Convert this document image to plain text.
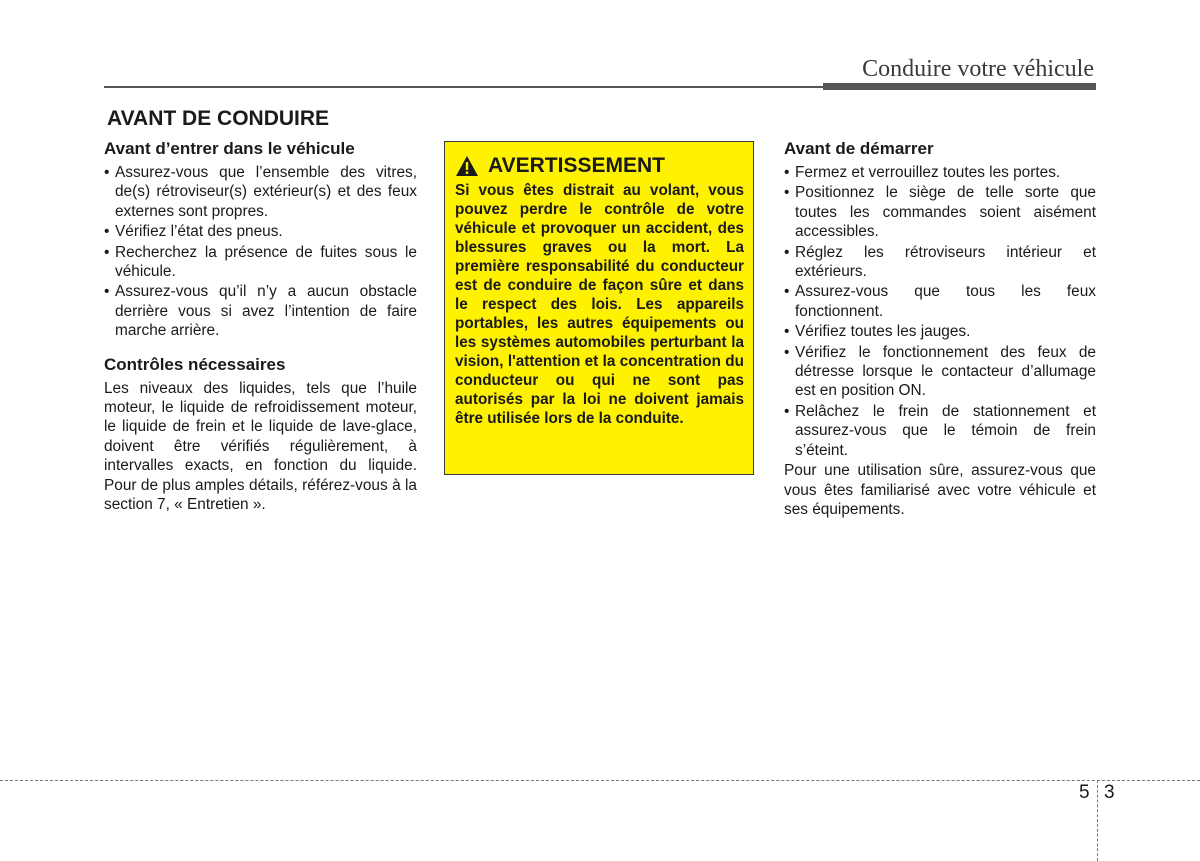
Conduire votre véhicule
AVANT DE CONDUIRE
Avant d’entrer dans le véhicule
• Assurez-vous que l’ensemble des vitres, de(s) rétroviseur(s) extérieur(s) et des feux externes sont propres.
• Vérifiez l’état des pneus.
• Recherchez la présence de fuites sous le véhicule.
• Assurez-vous qu’il n’y a aucun obstacle derrière vous si avez l’intention de faire marche arrière.
Contrôles nécessaires

Les niveaux des liquides, tels que l’huile moteur, le liquide de refroidissement moteur, le liquide de frein et le liquide de lave-glace, doivent être vérifiés régulièrement, à intervalles exacts, en fonction du liquide. Pour de plus amples détails, référez-vous à la section 7, « Entretien ».

AVERTISSEMENT

Si vous êtes distrait au volant, vous pouvez perdre le contrôle de votre véhicule et provoquer un accident, des blessures graves ou la mort. La première responsabilité du conducteur est de conduire de façon sûre et dans le respect des lois. Les appareils portables, les autres équipements ou les systèmes automobiles perturbant la vision, l'attention et la concentration du conducteur ou qui ne sont pas autorisés par la loi ne doivent jamais être utilisée lors de la conduite.

Avant de démarrer
• Fermez et verrouillez toutes les portes.
• Positionnez le siège de telle sorte que toutes les commandes soient aisément accessibles.
• Réglez les rétroviseurs intérieur et extérieurs.
• Assurez-vous que tous les feux fonctionnent.
• Vérifiez toutes les jauges.
• Vérifiez le fonctionnement des feux de détresse lorsque le contacteur d’allumage est en position ON.
• Relâchez le frein de stationnement et assurez-vous que le témoin de frein s’éteint.

Pour une utilisation sûre, assurez-vous que vous êtes familiarisé avec votre véhicule et ses équipements.

5 3
